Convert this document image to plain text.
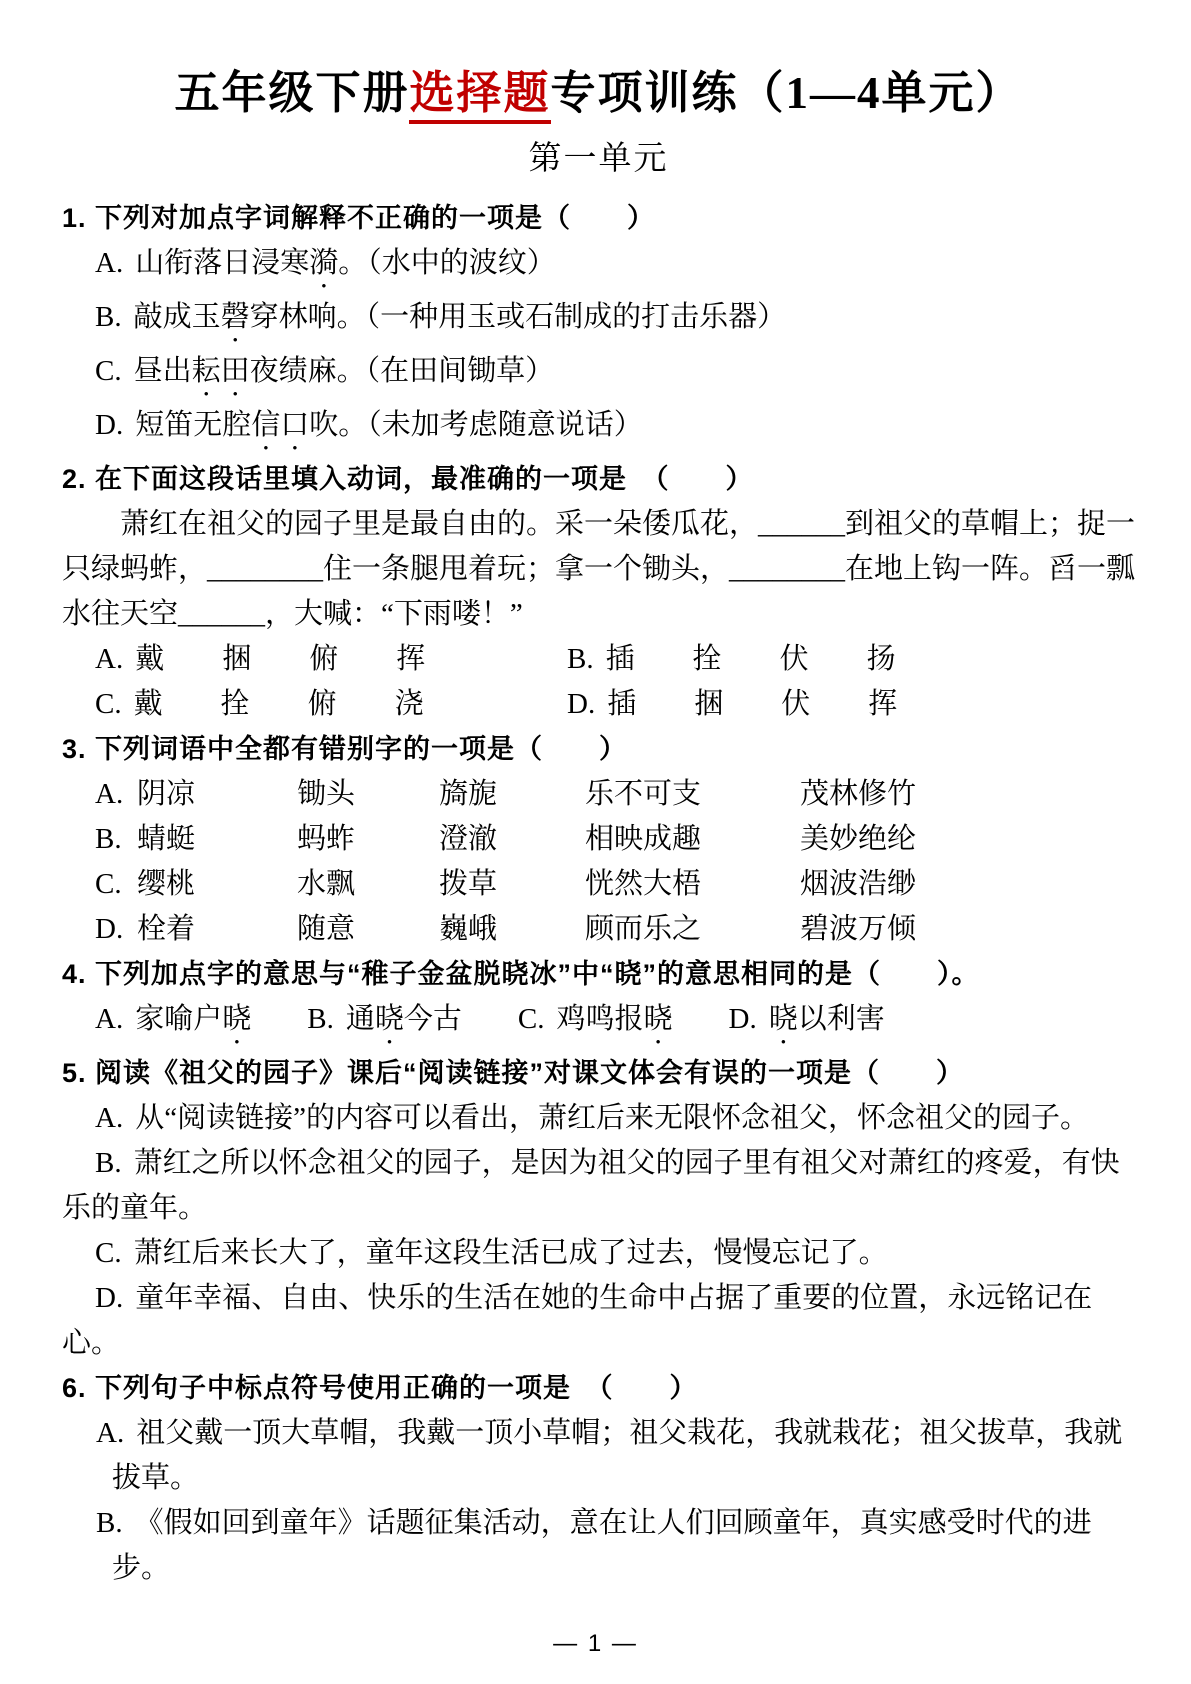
五年级下册选择题专项训练（1—4单元）
第一单元
1. 下列对加点字词解释不正确的一项是（　　）
A. 山衔落日浸寒漪。（水中的波纹）
B. 敲成玉磬穿林响。（一种用玉或石制成的打击乐器）
C. 昼出耘田夜绩麻。（在田间锄草）
D. 短笛无腔信口吹。（未加考虑随意说话）
2. 在下面这段话里填入动词，最准确的一项是　（　　）

萧红在祖父的园子里是最自由的。采一朵倭瓜花，______到祖父的草帽上；捉一只绿蚂蚱，________住一条腿甩着玩；拿一个锄头，________在地上钩一阵。舀一瓢水往天空______，大喊：“下雨喽！”

A. 戴　　捆　　俯　　挥	B. 插　　拴　　伏　　扬
C. 戴　　拴　　俯　　浇	D. 插　　捆　　伏　　挥
3. 下列词语中全都有错别字的一项是（　　）
A. 阴凉	锄头	旖旎	乐不可支	茂林修竹
B. 蜻蜓	蚂蚱	澄澈	相映成趣	美妙绝纶
C. 缨桃	水飘	拨草	恍然大梧	烟波浩缈
D. 栓着	随意	巍峨	顾而乐之	碧波万倾
4. 下列加点字的意思与“稚子金盆脱晓冰”中“晓”的意思相同的是（　　）。
A. 家喻户晓 B. 通晓今古 C. 鸡鸣报晓 D. 晓以利害
5. 阅读《祖父的园子》课后“阅读链接”对课文体会有误的一项是（　　）
A. 从“阅读链接”的内容可以看出，萧红后来无限怀念祖父，怀念祖父的园子。
B. 萧红之所以怀念祖父的园子，是因为祖父的园子里有祖父对萧红的疼爱，有快乐的童年。
C. 萧红后来长大了，童年这段生活已成了过去，慢慢忘记了。
D. 童年幸福、自由、快乐的生活在她的生命中占据了重要的位置，永远铭记在心。
6. 下列句子中标点符号使用正确的一项是　（　　）
A. 祖父戴一顶大草帽，我戴一顶小草帽；祖父栽花，我就栽花；祖父拔草，我就拔草。
B. 《假如回到童年》话题征集活动，意在让人们回顾童年，真实感受时代的进步。
— 1 —
